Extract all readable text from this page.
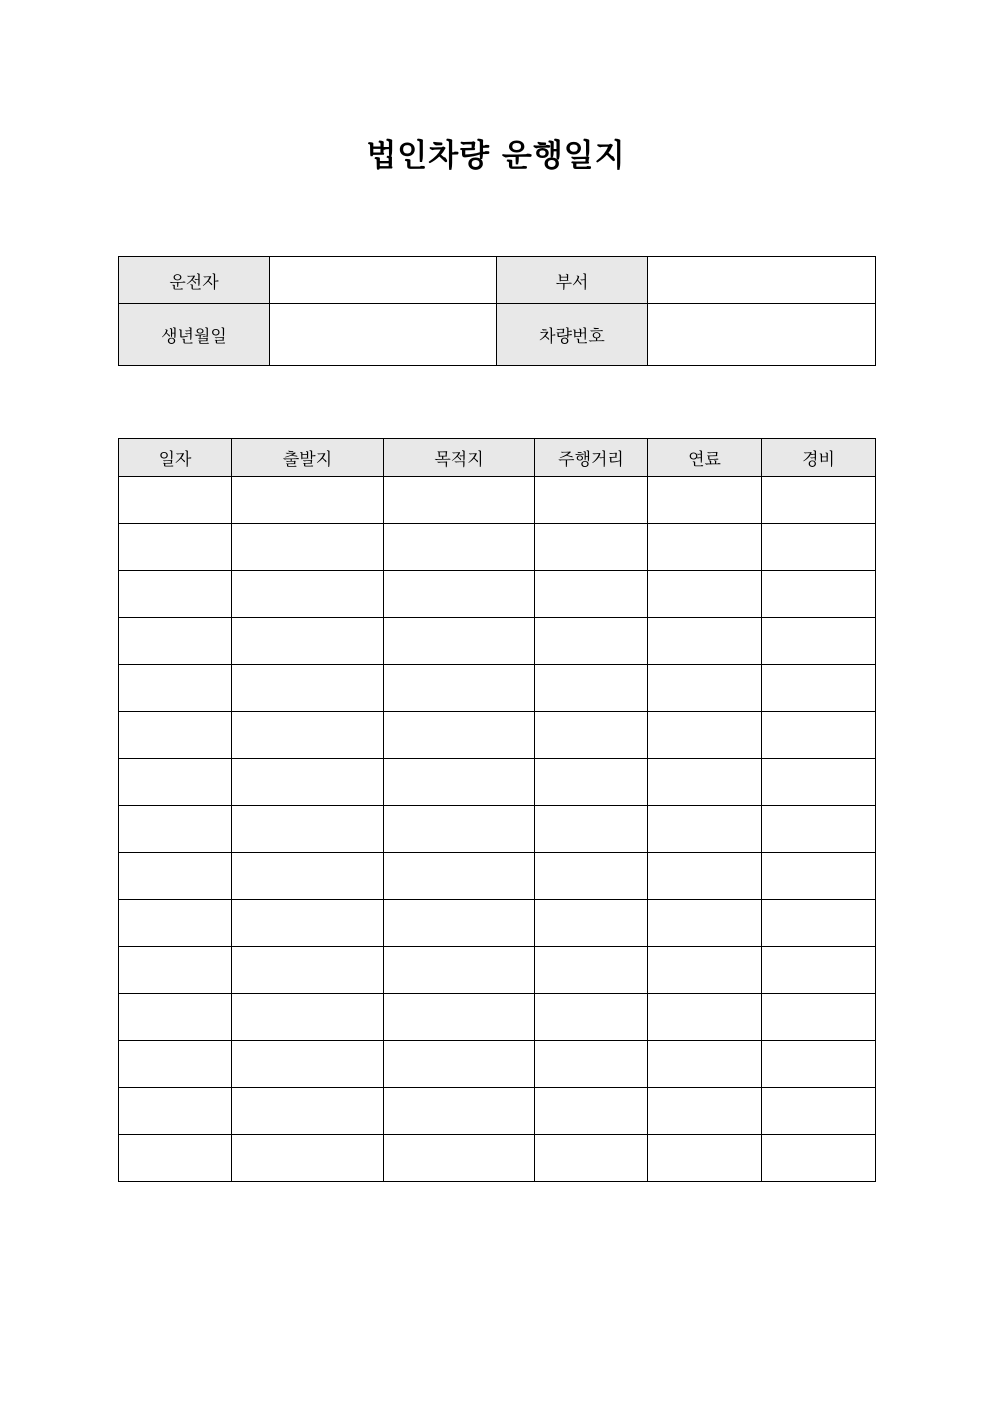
법인차량 운행일지
운전자		부서	
생년월일		차량번호	
일자	출발지	목적지	주행거리	연료	경비
